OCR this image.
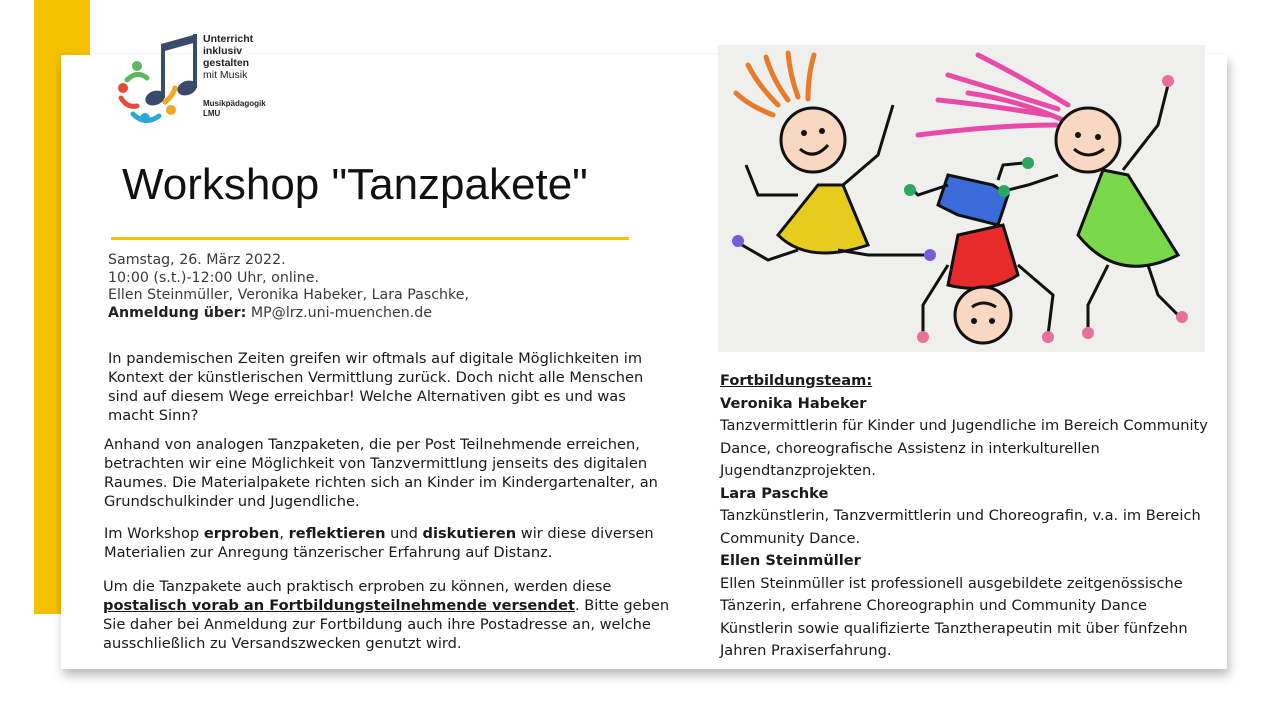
Unterricht
inklusiv
gestalten
mit Musik
Musikpädagogik
LMU
Workshop "Tanzpakete"
Samstag, 26. März 2022.
10:00 (s.t.)-12:00 Uhr, online.
Ellen Steinmüller, Veronika Habeker, Lara Paschke,
Anmeldung über: MP@lrz.uni-muenchen.de

In pandemischen Zeiten greifen wir oftmals auf digitale Möglichkeiten im Kontext der künstlerischen Vermittlung zurück. Doch nicht alle Menschen sind auf diesem Wege erreichbar! Welche Alternativen gibt es und was macht Sinn?

Anhand von analogen Tanzpaketen, die per Post Teilnehmende erreichen, betrachten wir eine Möglichkeit von Tanzvermittlung jenseits des digitalen Raumes. Die Materialpakete richten sich an Kinder im Kindergartenalter, an Grundschulkinder und Jugendliche.

Im Workshop erproben, reflektieren und diskutieren wir diese diversen Materialien zur Anregung tänzerischer Erfahrung auf Distanz.

Um die Tanzpakete auch praktisch erproben zu können, werden diese postalisch vorab an Fortbildungsteilnehmende versendet. Bitte geben Sie daher bei Anmeldung zur Fortbildung auch ihre Postadresse an, welche ausschließlich zu Versandszwecken genutzt wird.

Fortbildungsteam:
Veronika Habeker
Tanzvermittlerin für Kinder und Jugendliche im Bereich Community Dance, choreografische Assistenz in interkulturellen Jugendtanzprojekten.
Lara Paschke
Tanzkünstlerin, Tanzvermittlerin und Choreografin, v.a. im Bereich Community Dance.
Ellen Steinmüller
Ellen Steinmüller ist professionell ausgebildete zeitgenössische Tänzerin, erfahrene Choreographin und Community Dance Künstlerin sowie qualifizierte Tanztherapeutin mit über fünfzehn Jahren Praxiserfahrung.
